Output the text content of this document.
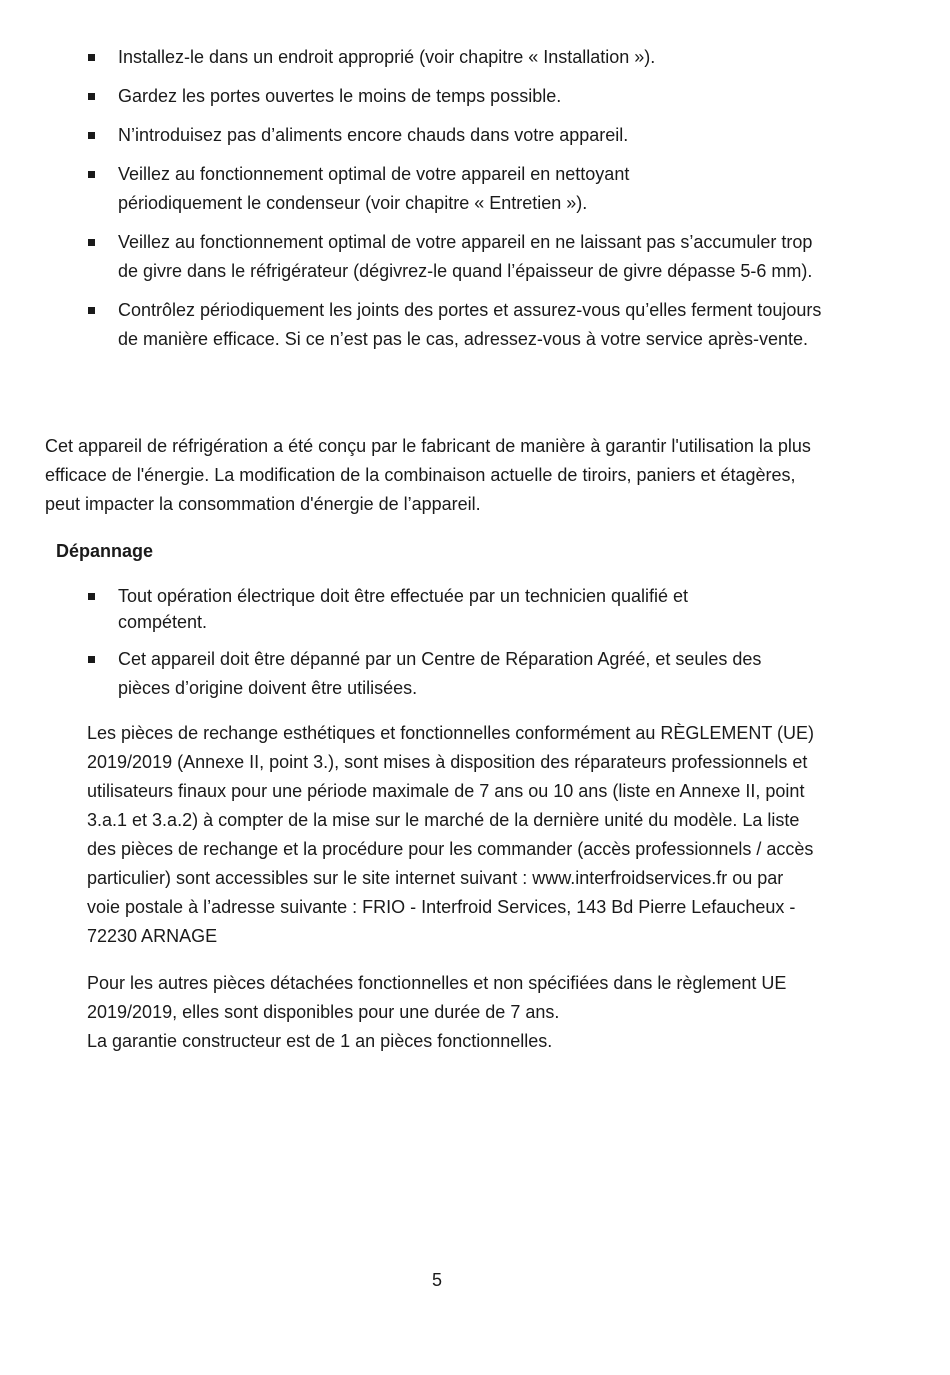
Installez-le dans un endroit approprié (voir chapitre « Installation »).
Gardez les portes ouvertes le moins de temps possible.
N’introduisez pas d’aliments encore chauds dans votre appareil.
Veillez au fonctionnement optimal de votre appareil en nettoyant périodiquement le condenseur (voir chapitre « Entretien »).
Veillez au fonctionnement optimal de votre appareil en ne laissant pas s’accumuler trop de givre dans le réfrigérateur (dégivrez-le quand l’épaisseur de givre dépasse 5-6 mm).
Contrôlez périodiquement les joints des portes et assurez-vous qu’elles ferment toujours de manière efficace. Si ce n’est pas le cas, adressez-vous à votre service après-vente.

Cet appareil de réfrigération a été conçu par le fabricant de manière à garantir l'utilisation la plus efficace de l'énergie. La modification de la combinaison actuelle de tiroirs, paniers et étagères, peut impacter la consommation d'énergie de l’appareil.

Dépannage
Tout opération électrique doit être effectuée par un technicien qualifié et compétent.
Cet appareil doit être dépanné par un Centre de Réparation Agréé, et seules des pièces d’origine doivent être utilisées.

Les pièces de rechange esthétiques et fonctionnelles conformément au RÈGLEMENT (UE) 2019/2019 (Annexe II, point 3.), sont mises à disposition des réparateurs professionnels et utilisateurs finaux pour une période maximale de 7 ans ou 10 ans (liste en Annexe II, point 3.a.1 et 3.a.2) à compter de la mise sur le marché de la dernière unité du modèle. La liste des pièces de rechange et la procédure pour les commander (accès professionnels / accès particulier) sont accessibles sur le site internet suivant : www.interfroidservices.fr ou par voie postale à l’adresse suivante : FRIO - Interfroid Services, 143 Bd Pierre Lefaucheux - 72230 ARNAGE

Pour les autres pièces détachées fonctionnelles et non spécifiées dans le règlement UE 2019/2019, elles sont disponibles pour une durée de 7 ans.

La garantie constructeur est de 1 an pièces fonctionnelles.

5
